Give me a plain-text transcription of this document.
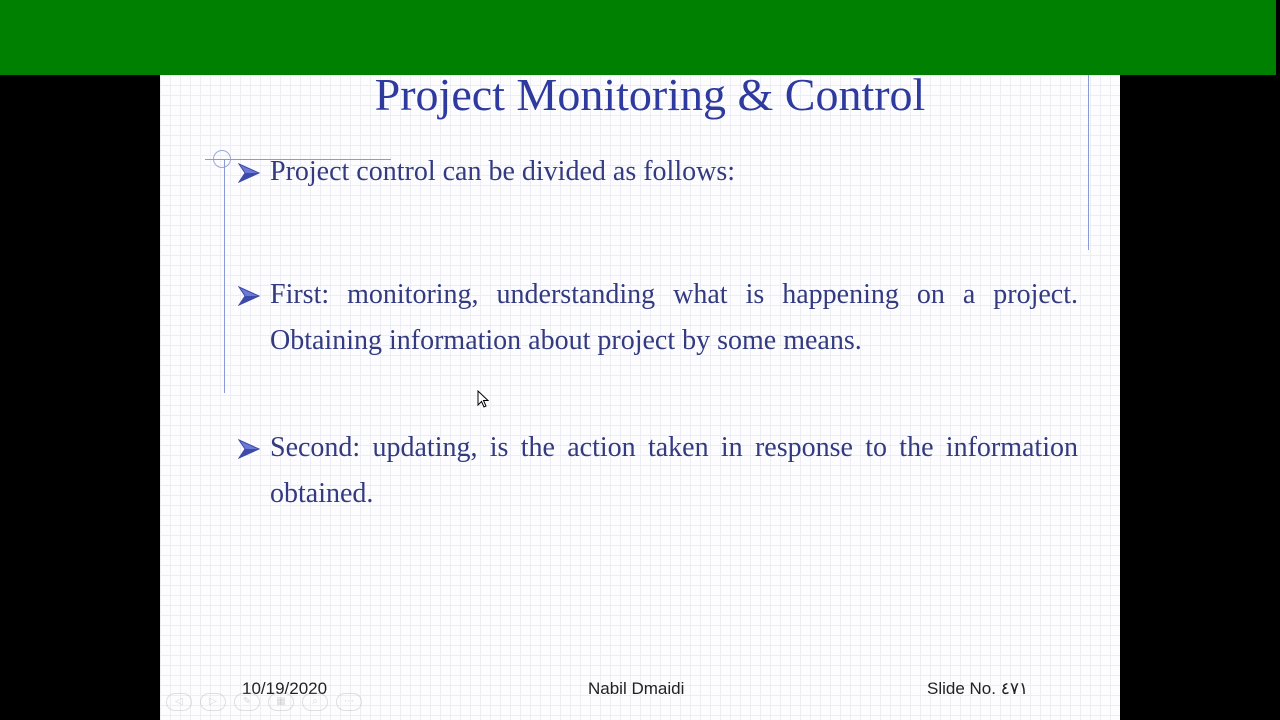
Project Monitoring & Control
Project control can be divided as follows:
First: monitoring, understanding what is happening on a project. Obtaining information about project by some means.
Second: updating, is the action taken in response to the information obtained.
10/19/2020	Nabil Dmaidi	Slide No. ٤٧١
◁	▷	✎	▦	⌕	⋯
